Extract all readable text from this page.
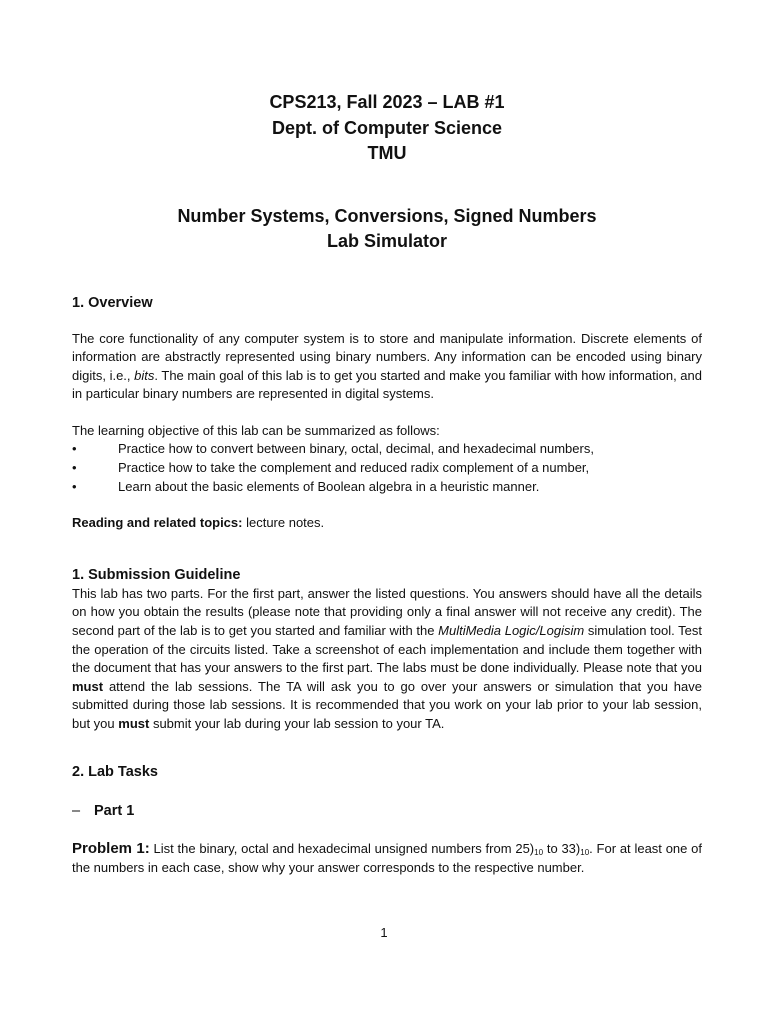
CPS213, Fall 2023 – LAB #1
Dept. of Computer Science
TMU
Number Systems, Conversions, Signed Numbers
Lab Simulator
1. Overview

The core functionality of any computer system is to store and manipulate information. Discrete elements of information are abstractly represented using binary numbers. Any information can be encoded using binary digits, i.e., bits. The main goal of this lab is to get you started and make you familiar with how information, and in particular binary numbers are represented in digital systems.

The learning objective of this lab can be summarized as follows:

•	Practice how to convert between binary, octal, decimal, and hexadecimal numbers,
•	Practice how to take the complement and reduced radix complement of a number,
•	Learn about the basic elements of Boolean algebra in a heuristic manner.

Reading and related topics: lecture notes.

1. Submission Guideline

This lab has two parts. For the first part, answer the listed questions. You answers should have all the details on how you obtain the results (please note that providing only a final answer will not receive any credit). The second part of the lab is to get you started and familiar with the MultiMedia Logic/Logisim simulation tool. Test the operation of the circuits listed. Take a screenshot of each implementation and include them together with the document that has your answers to the first part. The labs must be done individually. Please note that you must attend the lab sessions. The TA will ask you to go over your answers or simulation that you have submitted during those lab sessions. It is recommended that you work on your lab prior to your lab session, but you must submit your lab during your lab session to your TA.

2. Lab Tasks
– Part 1

Problem 1: List the binary, octal and hexadecimal unsigned numbers from $25)_{10}$ to $33)_{10}$. For at least one of the numbers in each case, show why your answer corresponds to the respective number.

1
